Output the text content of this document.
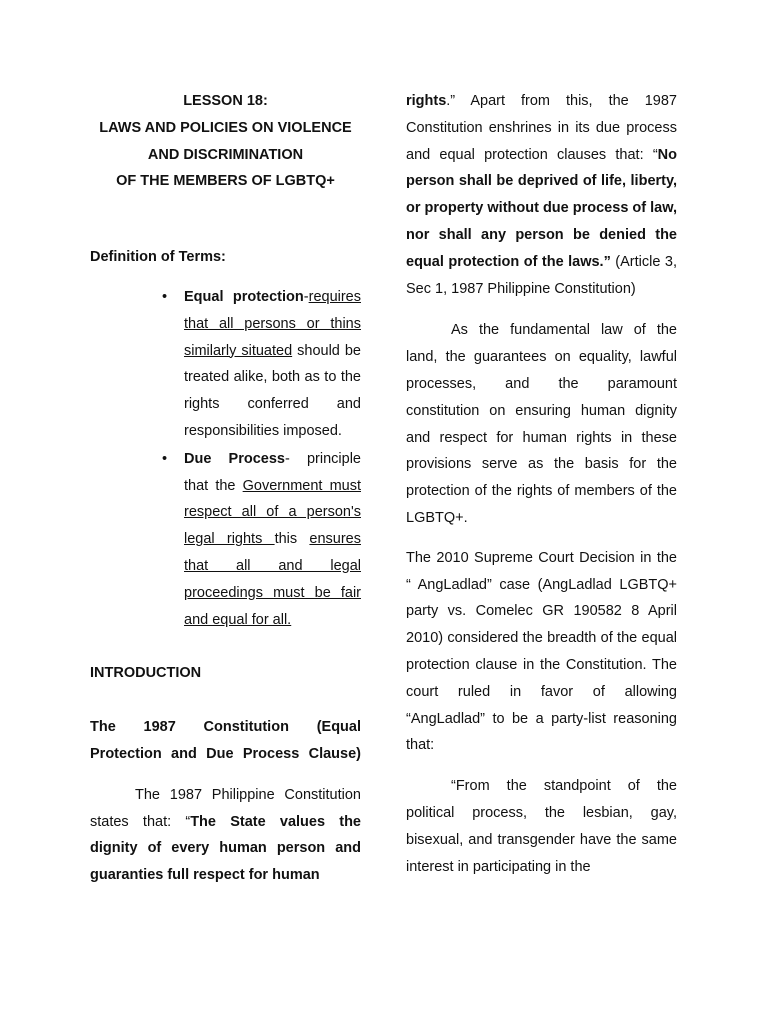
LESSON 18:

LAWS AND POLICIES ON VIOLENCE

AND DISCRIMINATION

OF THE MEMBERS OF LGBTQ+

Definition of Terms:

• Equal protection-requires that all persons or thins similarly situated should be treated alike, both as to the rights conferred and responsibilities imposed.
• Due Process- principle that the Government must respect all of a person's legal rights this ensures that all and legal proceedings must be fair and equal for all.

INTRODUCTION

The 1987 Constitution (Equal Protection and Due Process Clause)

The 1987 Philippine Constitution states that: “The State values the dignity of every human person and guaranties full respect for human

rights.” Apart from this, the 1987 Constitution enshrines in its due process and equal protection clauses that: “No person shall be deprived of life, liberty, or property without due process of law, nor shall any person be denied the equal protection of the laws.” (Article 3, Sec 1, 1987 Philippine Constitution)

As the fundamental law of the land, the guarantees on equality, lawful processes, and the paramount constitution on ensuring human dignity and respect for human rights in these provisions serve as the basis for the protection of the rights of members of the LGBTQ+.

The 2010 Supreme Court Decision in the “ AngLadlad” case (AngLadlad LGBTQ+ party vs. Comelec GR 190582 8 April 2010) considered the breadth of the equal protection clause in the Constitution. The court ruled in favor of allowing “AngLadlad” to be a party-list reasoning that:

“From the standpoint of the political process, the lesbian, gay, bisexual, and transgender have the same interest in participating in the
